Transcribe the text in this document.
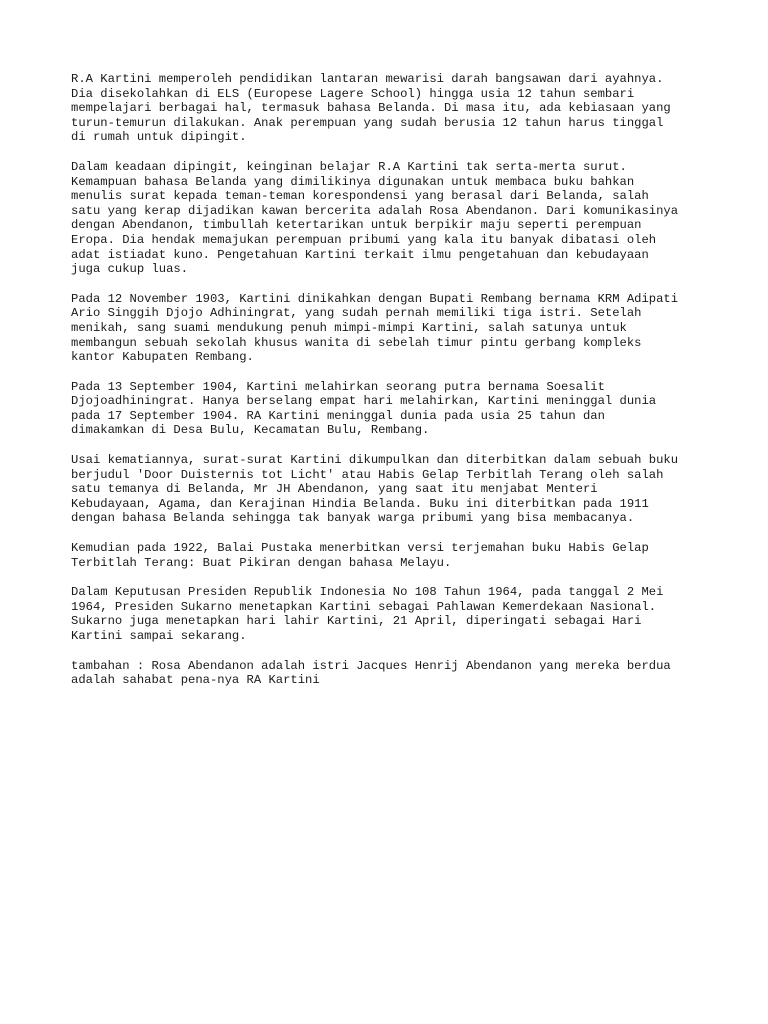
R.A Kartini memperoleh pendidikan lantaran mewarisi darah bangsawan dari ayahnya.
Dia disekolahkan di ELS (Europese Lagere School) hingga usia 12 tahun sembari
mempelajari berbagai hal, termasuk bahasa Belanda. Di masa itu, ada kebiasaan yang
turun-temurun dilakukan. Anak perempuan yang sudah berusia 12 tahun harus tinggal
di rumah untuk dipingit.

Dalam keadaan dipingit, keinginan belajar R.A Kartini tak serta-merta surut.
Kemampuan bahasa Belanda yang dimilikinya digunakan untuk membaca buku bahkan
menulis surat kepada teman-teman korespondensi yang berasal dari Belanda, salah
satu yang kerap dijadikan kawan bercerita adalah Rosa Abendanon. Dari komunikasinya
dengan Abendanon, timbullah ketertarikan untuk berpikir maju seperti perempuan
Eropa. Dia hendak memajukan perempuan pribumi yang kala itu banyak dibatasi oleh
adat istiadat kuno. Pengetahuan Kartini terkait ilmu pengetahuan dan kebudayaan
juga cukup luas.

Pada 12 November 1903, Kartini dinikahkan dengan Bupati Rembang bernama KRM Adipati
Ario Singgih Djojo Adhiningrat, yang sudah pernah memiliki tiga istri. Setelah
menikah, sang suami mendukung penuh mimpi-mimpi Kartini, salah satunya untuk
membangun sebuah sekolah khusus wanita di sebelah timur pintu gerbang kompleks
kantor Kabupaten Rembang.

Pada 13 September 1904, Kartini melahirkan seorang putra bernama Soesalit
Djojoadhiningrat. Hanya berselang empat hari melahirkan, Kartini meninggal dunia
pada 17 September 1904. RA Kartini meninggal dunia pada usia 25 tahun dan
dimakamkan di Desa Bulu, Kecamatan Bulu, Rembang.

Usai kematiannya, surat-surat Kartini dikumpulkan dan diterbitkan dalam sebuah buku
berjudul 'Door Duisternis tot Licht' atau Habis Gelap Terbitlah Terang oleh salah
satu temanya di Belanda, Mr JH Abendanon, yang saat itu menjabat Menteri
Kebudayaan, Agama, dan Kerajinan Hindia Belanda. Buku ini diterbitkan pada 1911
dengan bahasa Belanda sehingga tak banyak warga pribumi yang bisa membacanya.

Kemudian pada 1922, Balai Pustaka menerbitkan versi terjemahan buku Habis Gelap
Terbitlah Terang: Buat Pikiran dengan bahasa Melayu.

Dalam Keputusan Presiden Republik Indonesia No 108 Tahun 1964, pada tanggal 2 Mei
1964, Presiden Sukarno menetapkan Kartini sebagai Pahlawan Kemerdekaan Nasional.
Sukarno juga menetapkan hari lahir Kartini, 21 April, diperingati sebagai Hari
Kartini sampai sekarang.

tambahan : Rosa Abendanon adalah istri Jacques Henrij Abendanon yang mereka berdua
adalah sahabat pena-nya RA Kartini
